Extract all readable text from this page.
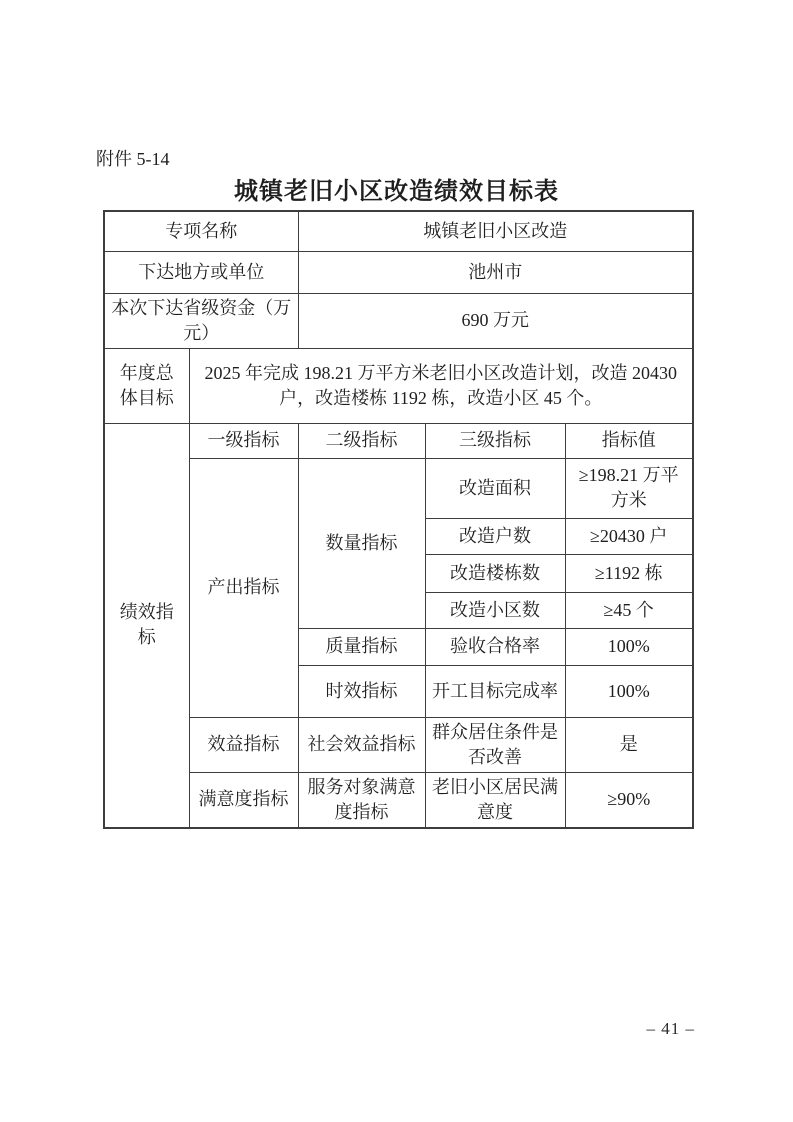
附件 5-14
城镇老旧小区改造绩效目标表
专项名称		城镇老旧小区改造		
下达地方或单位		池州市		
本次下达省级资金（万元）		690 万元		
年度总体目标	2025 年完成 198.21 万平方米老旧小区改造计划，改造 20430 户，改造楼栋 1192 栋，改造小区 45 个。			
绩效指标	一级指标	二级指标	三级指标	指标值
	产出指标	数量指标	改造面积	≥198.21 万平方米
			改造户数	≥20430 户
			改造楼栋数	≥1192 栋
			改造小区数	≥45 个
		质量指标	验收合格率	100%
		时效指标	开工目标完成率	100%
	效益指标	社会效益指标	群众居住条件是否改善	是
	满意度指标	服务对象满意度指标	老旧小区居民满意度	≥90%
– 41 –
